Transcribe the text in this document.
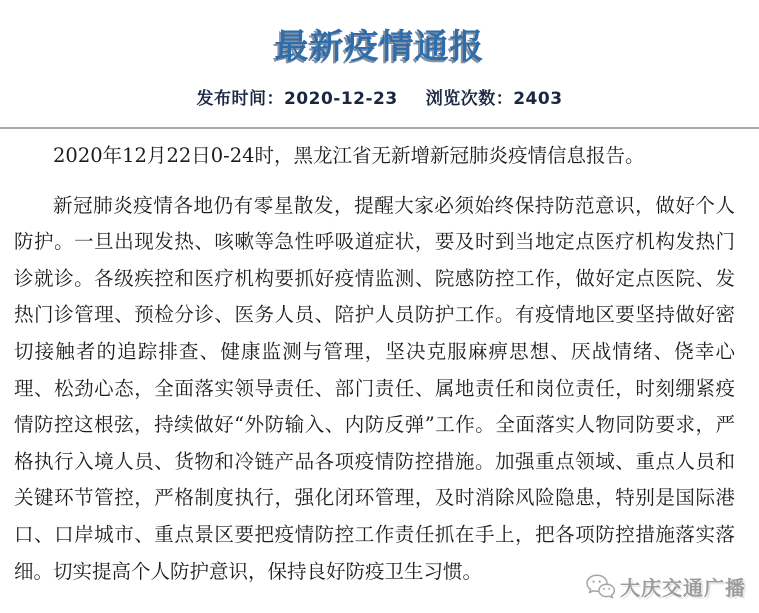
最新疫情通报
发布时间：2020-12-23 浏览次数：2403

2020年12月22日0-24时，黑龙江省无新增新冠肺炎疫情信息报告。

新冠肺炎疫情各地仍有零星散发，提醒大家必须始终保持防范意识，做好个人防护。一旦出现发热、咳嗽等急性呼吸道症状，要及时到当地定点医疗机构发热门诊就诊。各级疾控和医疗机构要抓好疫情监测、院感防控工作，做好定点医院、发热门诊管理、预检分诊、医务人员、陪护人员防护工作。有疫情地区要坚持做好密切接触者的追踪排查、健康监测与管理，坚决克服麻痹思想、厌战情绪、侥幸心理、松劲心态，全面落实领导责任、部门责任、属地责任和岗位责任，时刻绷紧疫情防控这根弦，持续做好“外防输入、内防反弹”工作。全面落实人物同防要求，严格执行入境人员、货物和冷链产品各项疫情防控措施。加强重点领域、重点人员和关键环节管控，严格制度执行，强化闭环管理，及时消除风险隐患，特别是国际港口、口岸城市、重点景区要把疫情防控工作责任抓在手上，把各项防控措施落实落细。切实提高个人防护意识，保持良好防疫卫生习惯。

大庆交通广播
